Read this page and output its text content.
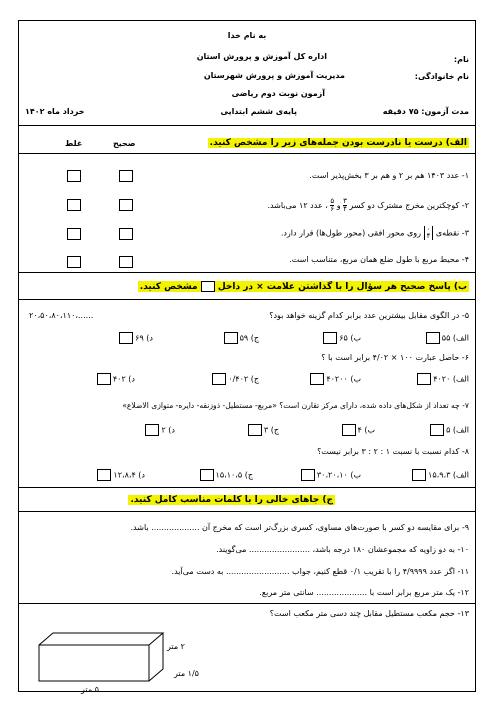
به نام خدا
اداره کل آموزش و پرورش استان
مدیریت آموزش و پرورش شهرستان
آزمون نوبت دوم ریاضی
نام:
نام خانوادگی:
مدت آزمون: ۷۵ دقیقه
پایه‌ی ششم ابتدایی
خرداد ماه ۱۴۰۲
الف) درست یا نادرست بودن جمله‌های زیر را مشخص کنید.
صحیح
غلط
۱- عدد ۱۴۰۳ هم بر ۲ و هم بر ۳ بخش‌پذیر است.
۲- کوچکترین مخرج مشترک دو کسر
$\frac{۳}{۴}$
و
$\frac{۵}{۶}$
، عدد ۱۲ می‌باشد.
۳- نقطه‌ی
۰
۴
روی محور افقی (محور طول‌ها) قرار دارد.
۴- محیط مربع با طول ضلع همان مربع، متناسب است.
ب) پاسخ صحیح هر سؤال را با گذاشتن علامت × در داخل  مشخص کنید.
۵- در الگوی مقابل بیشترین عدد برابر کدام گزینه خواهد بود؟
۲۰،۵۰،۸۰،۱۱۰،......
الف) ۵۵
ب) ۶۵
ج) ۵۹
د) ۶۹
۶- حاصل عبارت ۱۰۰ × ۴/۰۲ برابر است با ؟
الف) ۴۰۲۰
ب) ۴۰۲۰۰
ج) ۰/۴۰۲
د) ۴۰۲
۷- چه تعداد از شکل‌های داده شده، دارای مرکز تقارن است؟ «مربع- مستطیل- ذوزنقه- دایره- متوازی الاضلاع»
الف) ۵
ب) ۴
ج) ۳
د) ۲
۸- کدام نسبت با نسبت ۱ : ۲ : ۳ برابر نیست؟
الف) ۱۵،۹،۳
ب) ۳۰،۲۰،۱۰
ج) ۱۵،۱۰،۵
د) ۱۲،۸،۴
ج) جاهای خالی را با کلمات مناسب کامل کنید.
۹- برای مقایسه دو کسر با صورت‌های مساوی، کسری بزرگ‌تر است که مخرج آن ................... باشد.
۱۰- به دو زاویه که مجموعشان ۱۸۰ درجه باشد، ........................ می‌گویند.
۱۱- اگر عدد ۴/۹۹۹۹ را با تقریب ۰/۱ قطع کنیم، جواب ......................... به دست می‌آید.
۱۲- یک متر مربع برابر است با .................... سانتی متر مربع.
۱۳- حجم مکعب مستطیل مقابل چند دسی متر مکعب است؟
۲ متر
۱/۵ متر
۵ متر
